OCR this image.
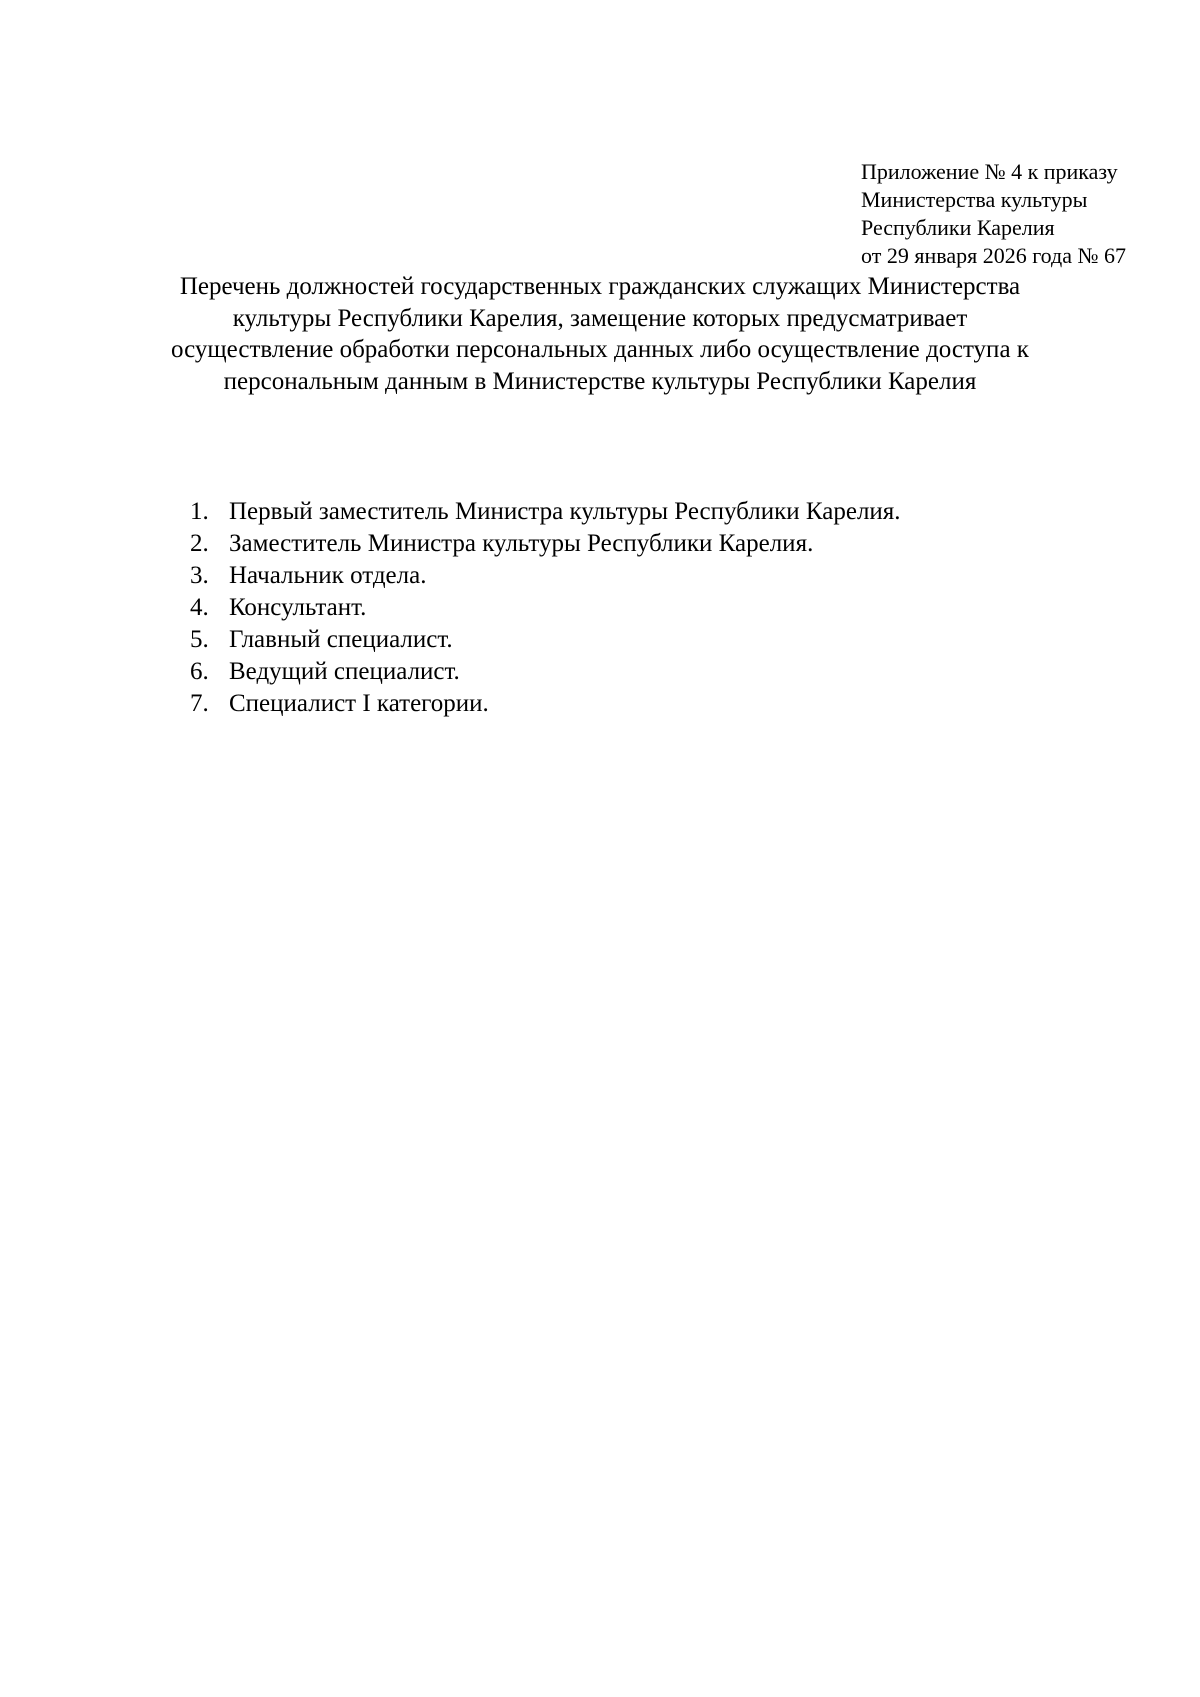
Приложение № 4 к приказу
Министерства культуры
Республики Карелия
от 29 января 2026 года № 67
Перечень должностей государственных гражданских служащих Министерства
культуры Республики Карелия, замещение которых предусматривает
осуществление обработки персональных данных либо осуществление доступа к
персональным данным в Министерстве культуры Республики Карелия
1. Первый заместитель Министра культуры Республики Карелия.
2. Заместитель Министра культуры Республики Карелия.
3. Начальник отдела.
4. Консультант.
5. Главный специалист.
6. Ведущий специалист.
7. Специалист I категории.
